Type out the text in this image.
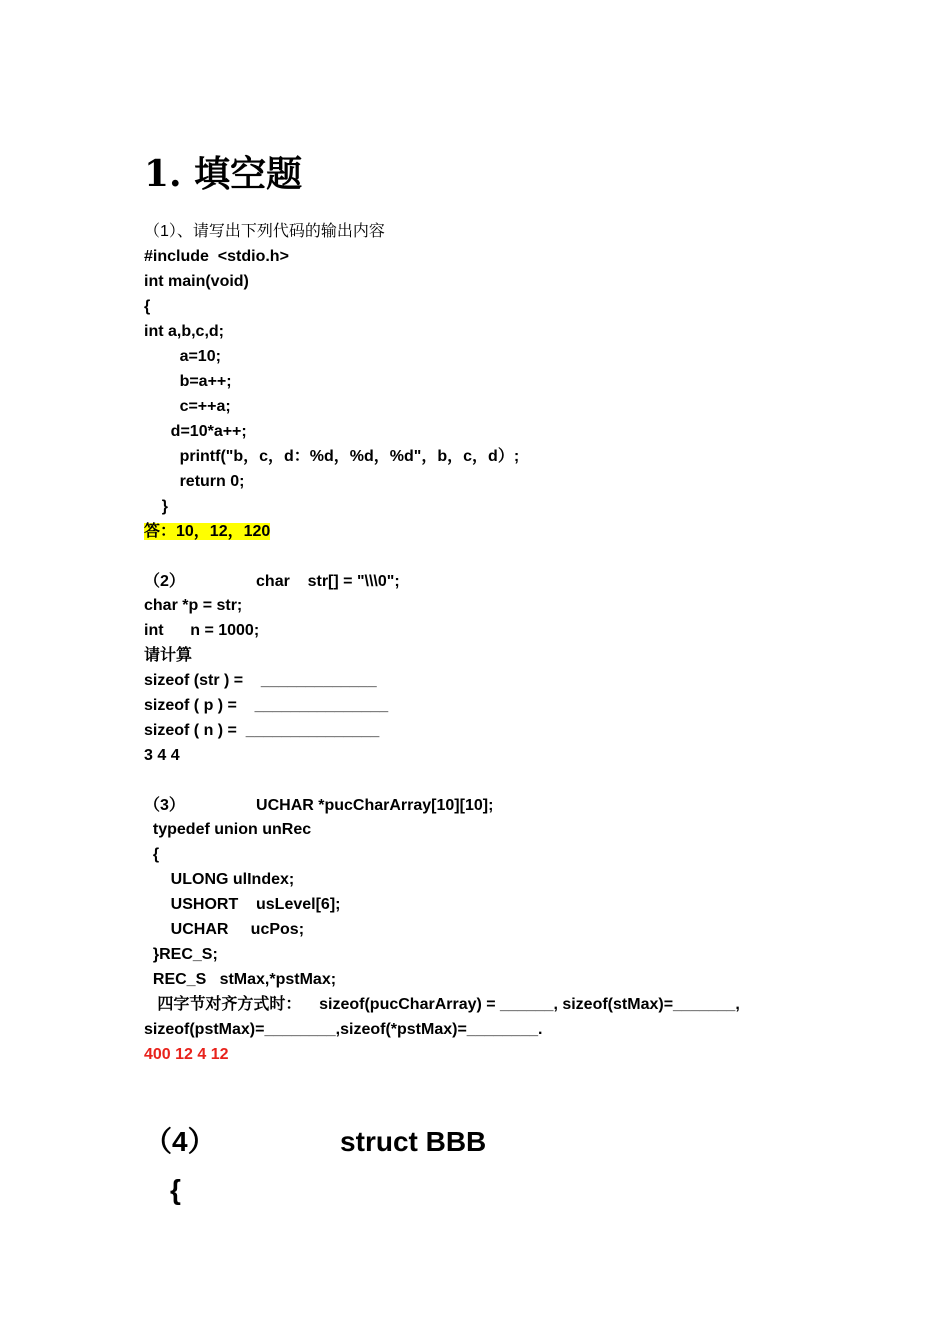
1. 填空题
（1）、请写出下列代码的输出内容
#include  <stdio.h>
int main(void)
{
int a,b,c,d;
a=10;
b=a++;
c=++a;
d=10*a++;
printf("b，c，d：%d，%d，%d"，b，c，d）;
return 0;
}
答：10，12，120
（2）                char    str[] = "\\\0";
char *p = str;
int      n = 1000;
请计算
sizeof (str ) =    _____________
sizeof ( p ) =    _______________
sizeof ( n ) =  _______________
3 4 4
（3）                UCHAR *pucCharArray[10][10];
typedef union unRec
{
ULONG ulIndex;
USHORT    usLevel[6];
UCHAR     ucPos;
}REC_S;
REC_S   stMax,*pstMax;
四字节对齐方式时：    sizeof(pucCharArray) = ______, sizeof(stMax)=_______,
sizeof(pstMax)=________,sizeof(*pstMax)=________.
400 12 4 12
（4）                struct BBB
{
